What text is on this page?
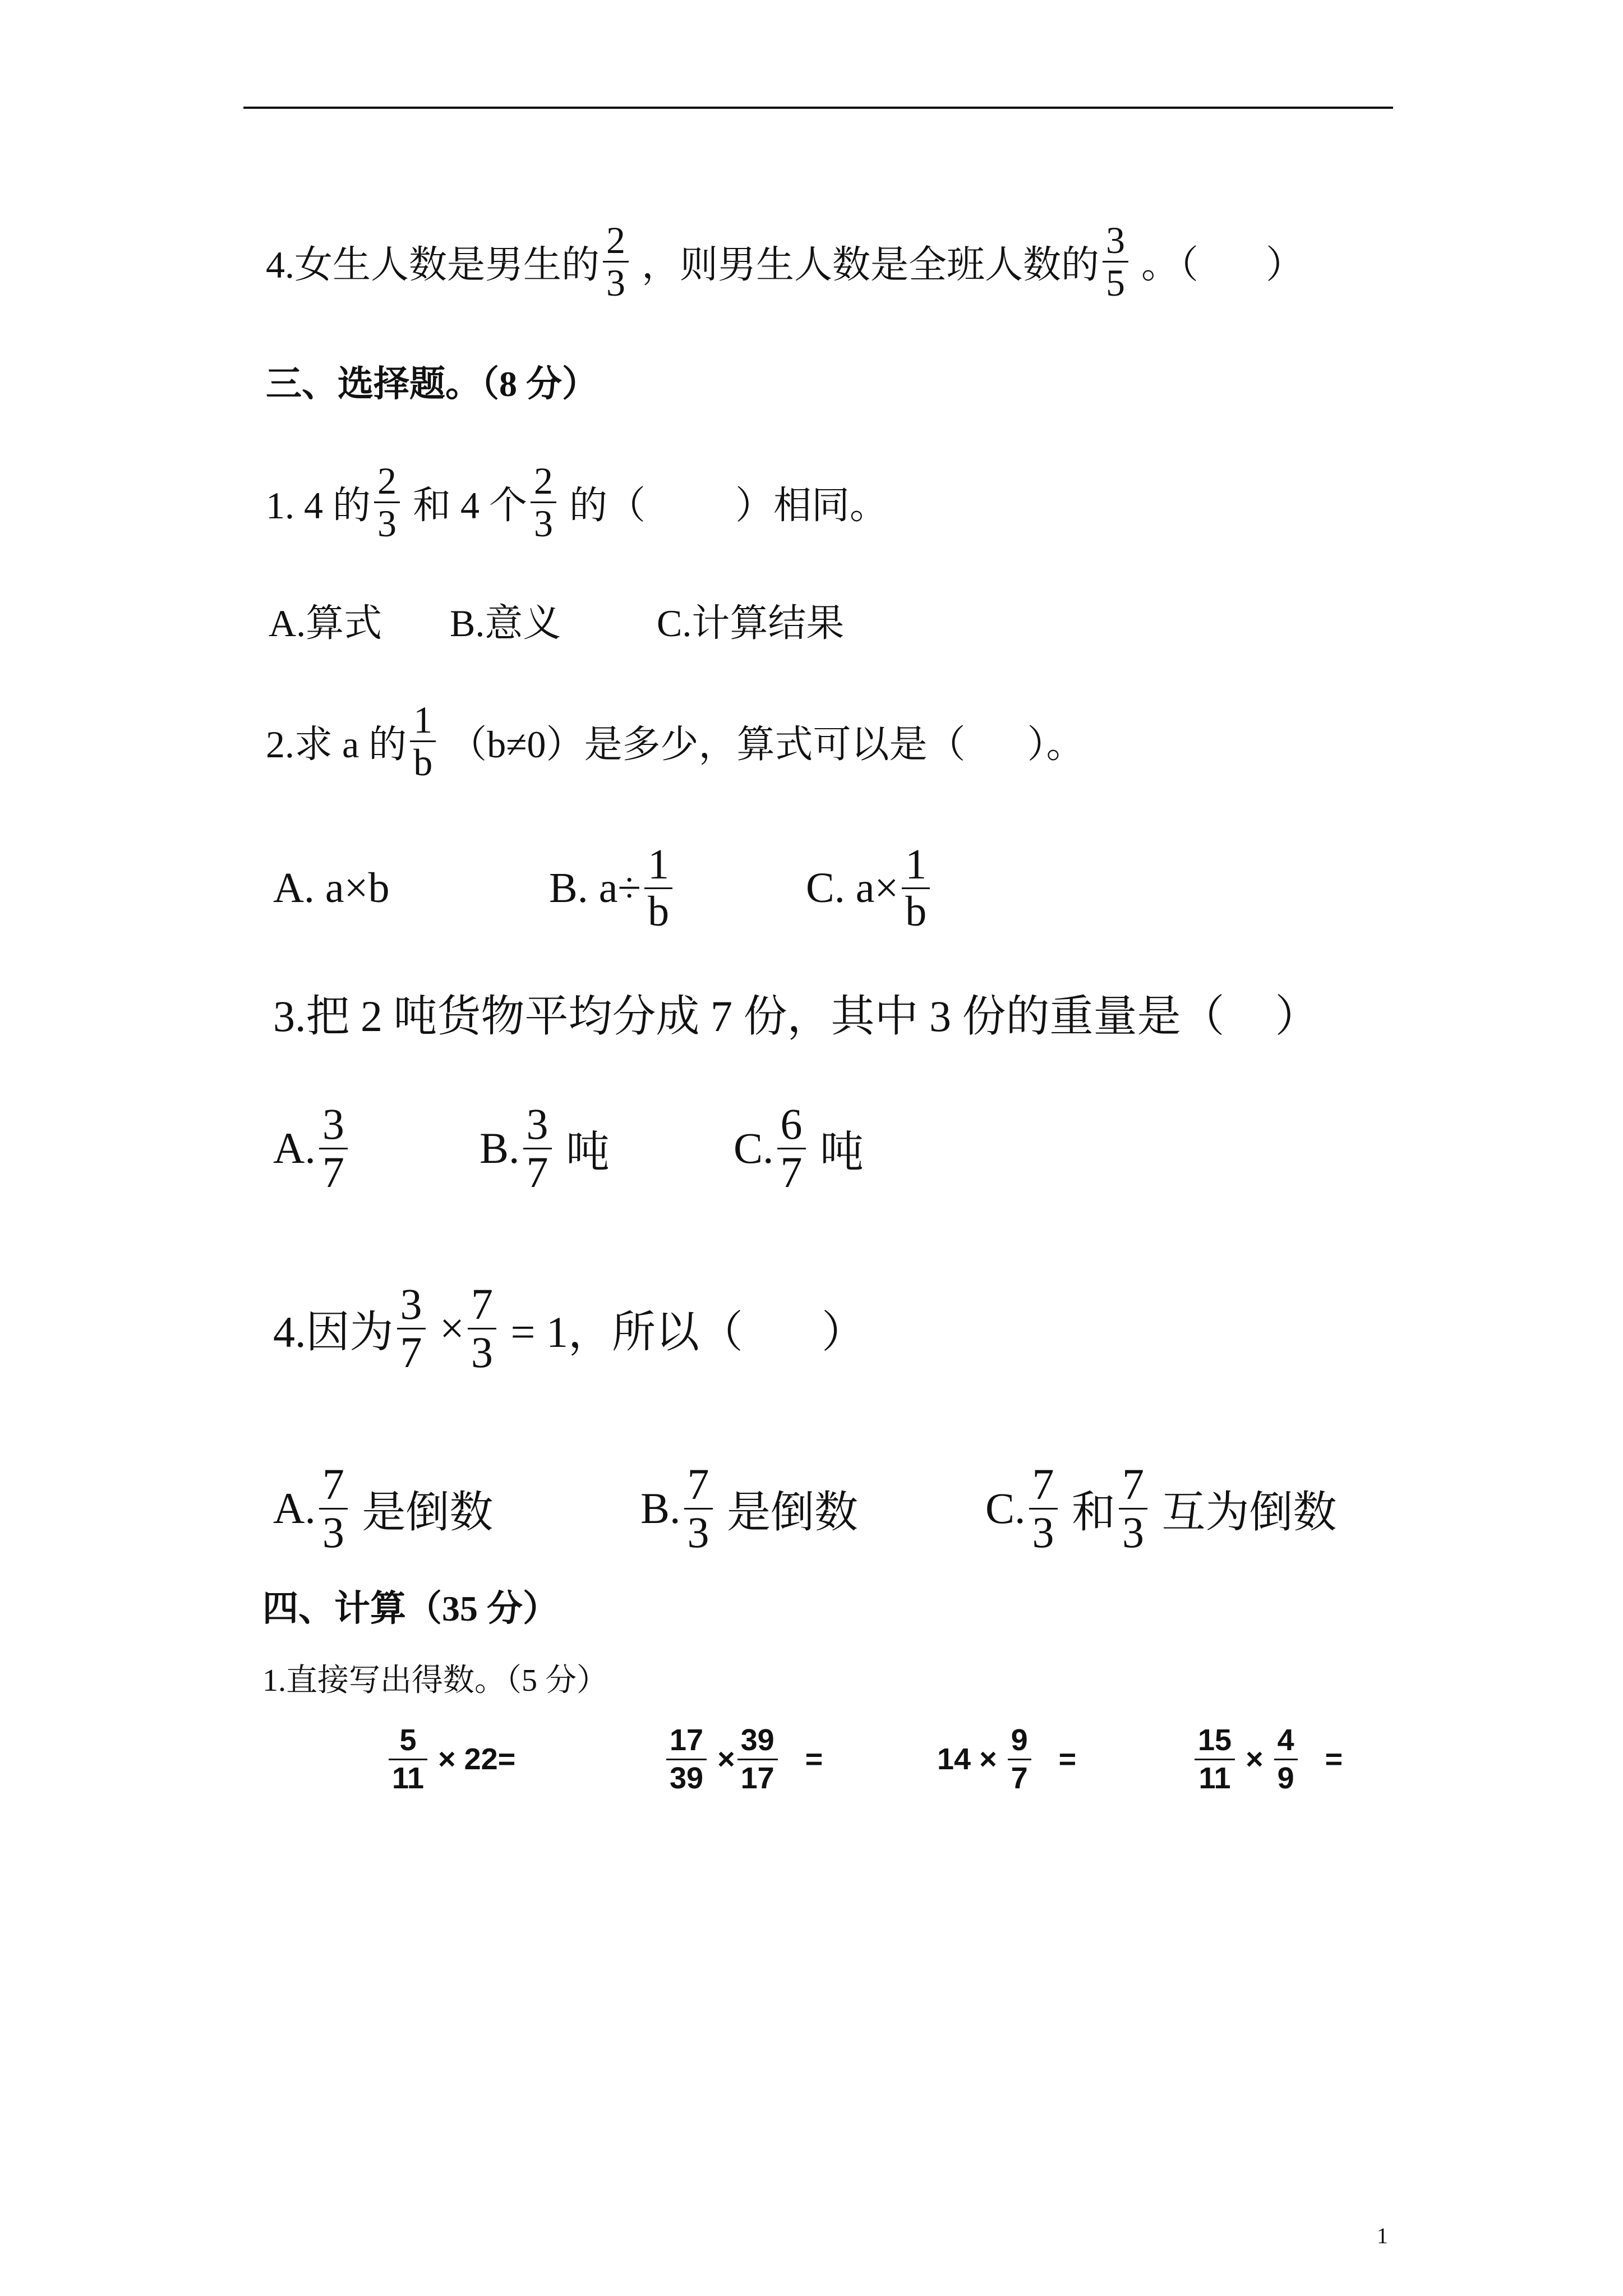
4.女生人数是男生的 $\frac{2}{3}$ ，则男生人数是全班人数的 $\frac{3}{5}$ 。（ ）
三、选择题。（8 分）
1. 4 的 $\frac{2}{3}$ 和 4 个 $\frac{2}{3}$ 的（ ）相同。
A.算式 B.意义	C.计算结果
2.求 a 的 $\frac{1}{b} (b\ne 0)$是多少，算式可以是（ ）。
A. a×b	B. $a\div \frac{1}{b}$	C. $a\times \frac{1}{b}$
3.把 2 吨货物平均分成 7 份，其中 3 份的重量是（ ）
A. $\frac{3}{7}$	B. $\frac{3}{7}$ 吨	C. $\frac{6}{7}$ 吨
4.因为 $\frac{3}{7} \times \frac{7}{3} = 1$，所以（ ）
A. $\frac{7}{3}$ 是倒数	B. $\frac{7}{3}$ 是倒数	C. $\frac{7}{3}$ 和 $\frac{7}{3}$ 互为倒数
四、计算（35 分）
1.直接写出得数。（5 分）
$\frac{5}{11} \times 22=$	$\frac{17}{39} \times \frac{39}{17}$ =	$14 \times \frac{9}{7}$ =	$\frac{15}{11} \times \frac{4}{9}$ =
1
